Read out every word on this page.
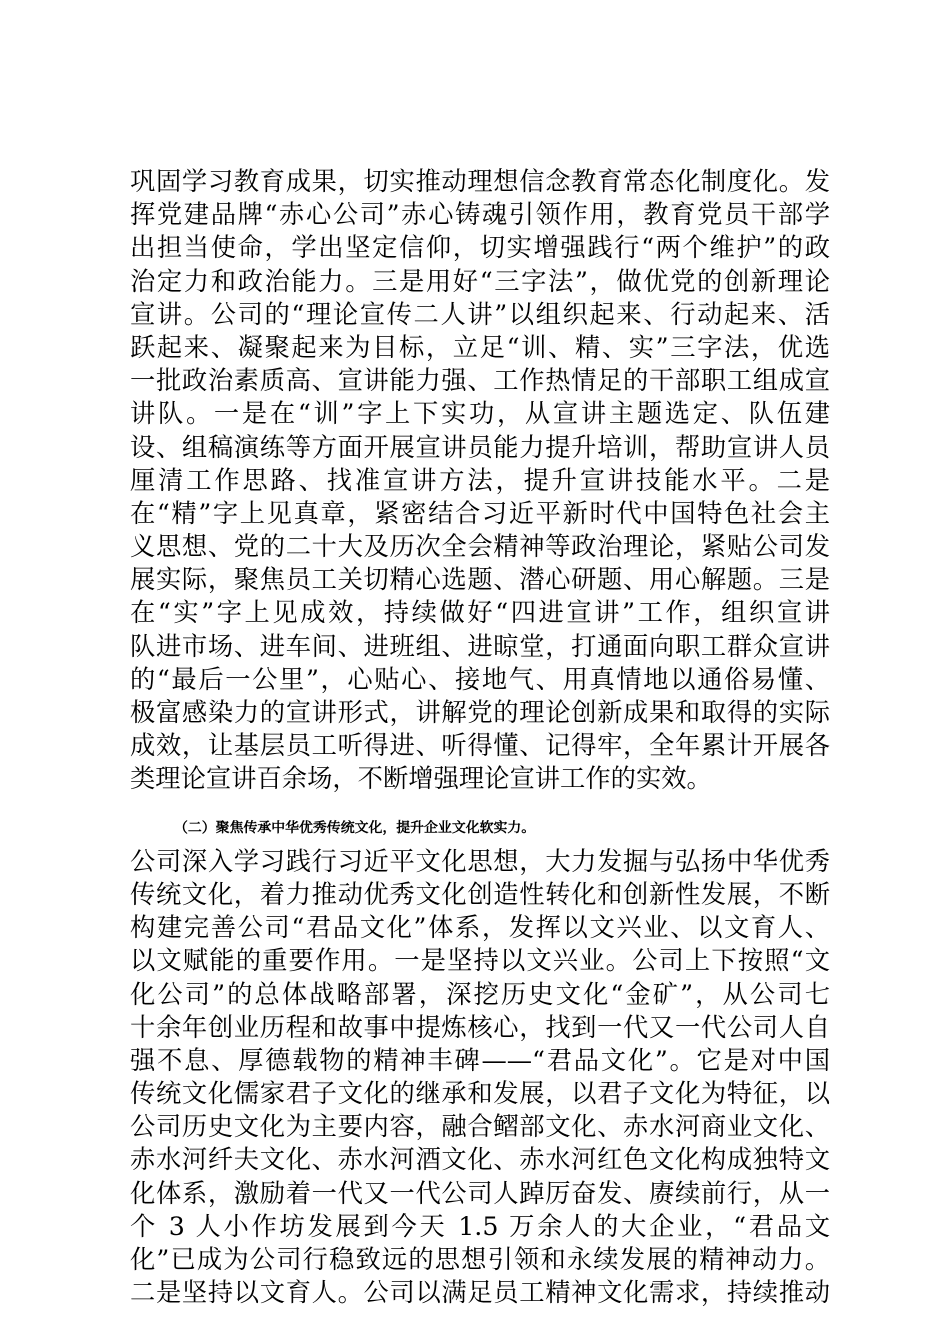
巩固学习教育成果，切实推动理想信念教育常态化制度化。发
挥党建品牌“赤心公司”赤心铸魂引领作用，教育党员干部学
出担当使命，学出坚定信仰，切实增强践行“两个维护”的政
治定力和政治能力。三是用好“三字法”，做优党的创新理论
宣讲。公司的“理论宣传二人讲”以组织起来、行动起来、活
跃起来、凝聚起来为目标，立足“训、精、实”三字法，优选
一批政治素质高、宣讲能力强、工作热情足的干部职工组成宣
讲队。一是在“训”字上下实功，从宣讲主题选定、队伍建
设、组稿演练等方面开展宣讲员能力提升培训，帮助宣讲人员
厘清工作思路、找准宣讲方法，提升宣讲技能水平。二是
在“精”字上见真章，紧密结合习近平新时代中国特色社会主
义思想、党的二十大及历次全会精神等政治理论，紧贴公司发
展实际，聚焦员工关切精心选题、潜心研题、用心解题。三是
在“实”字上见成效，持续做好“四进宣讲”工作，组织宣讲
队进市场、进车间、进班组、进晾堂，打通面向职工群众宣讲
的“最后一公里”，心贴心、接地气、用真情地以通俗易懂、
极富感染力的宣讲形式，讲解党的理论创新成果和取得的实际
成效，让基层员工听得进、听得懂、记得牢，全年累计开展各
类理论宣讲百余场，不断增强理论宣讲工作的实效。
（二）聚焦传承中华优秀传统文化，提升企业文化软实力。
公司深入学习践行习近平文化思想，大力发掘与弘扬中华优秀
传统文化，着力推动优秀文化创造性转化和创新性发展，不断
构建完善公司“君品文化”体系，发挥以文兴业、以文育人、
以文赋能的重要作用。一是坚持以文兴业。公司上下按照“文
化公司”的总体战略部署，深挖历史文化“金矿”，从公司七
十余年创业历程和故事中提炼核心，找到一代又一代公司人自
强不息、厚德载物的精神丰碑——“君品文化”。它是对中国
传统文化儒家君子文化的继承和发展，以君子文化为特征，以
公司历史文化为主要内容，融合鳛部文化、赤水河商业文化、
赤水河纤夫文化、赤水河酒文化、赤水河红色文化构成独特文
化体系，激励着一代又一代公司人踔厉奋发、赓续前行，从一
个 3 人小作坊发展到今天 1.5 万余人的大企业，“君品文
化”已成为公司行稳致远的思想引领和永续发展的精神动力。
二是坚持以文育人。公司以满足员工精神文化需求，持续推动
